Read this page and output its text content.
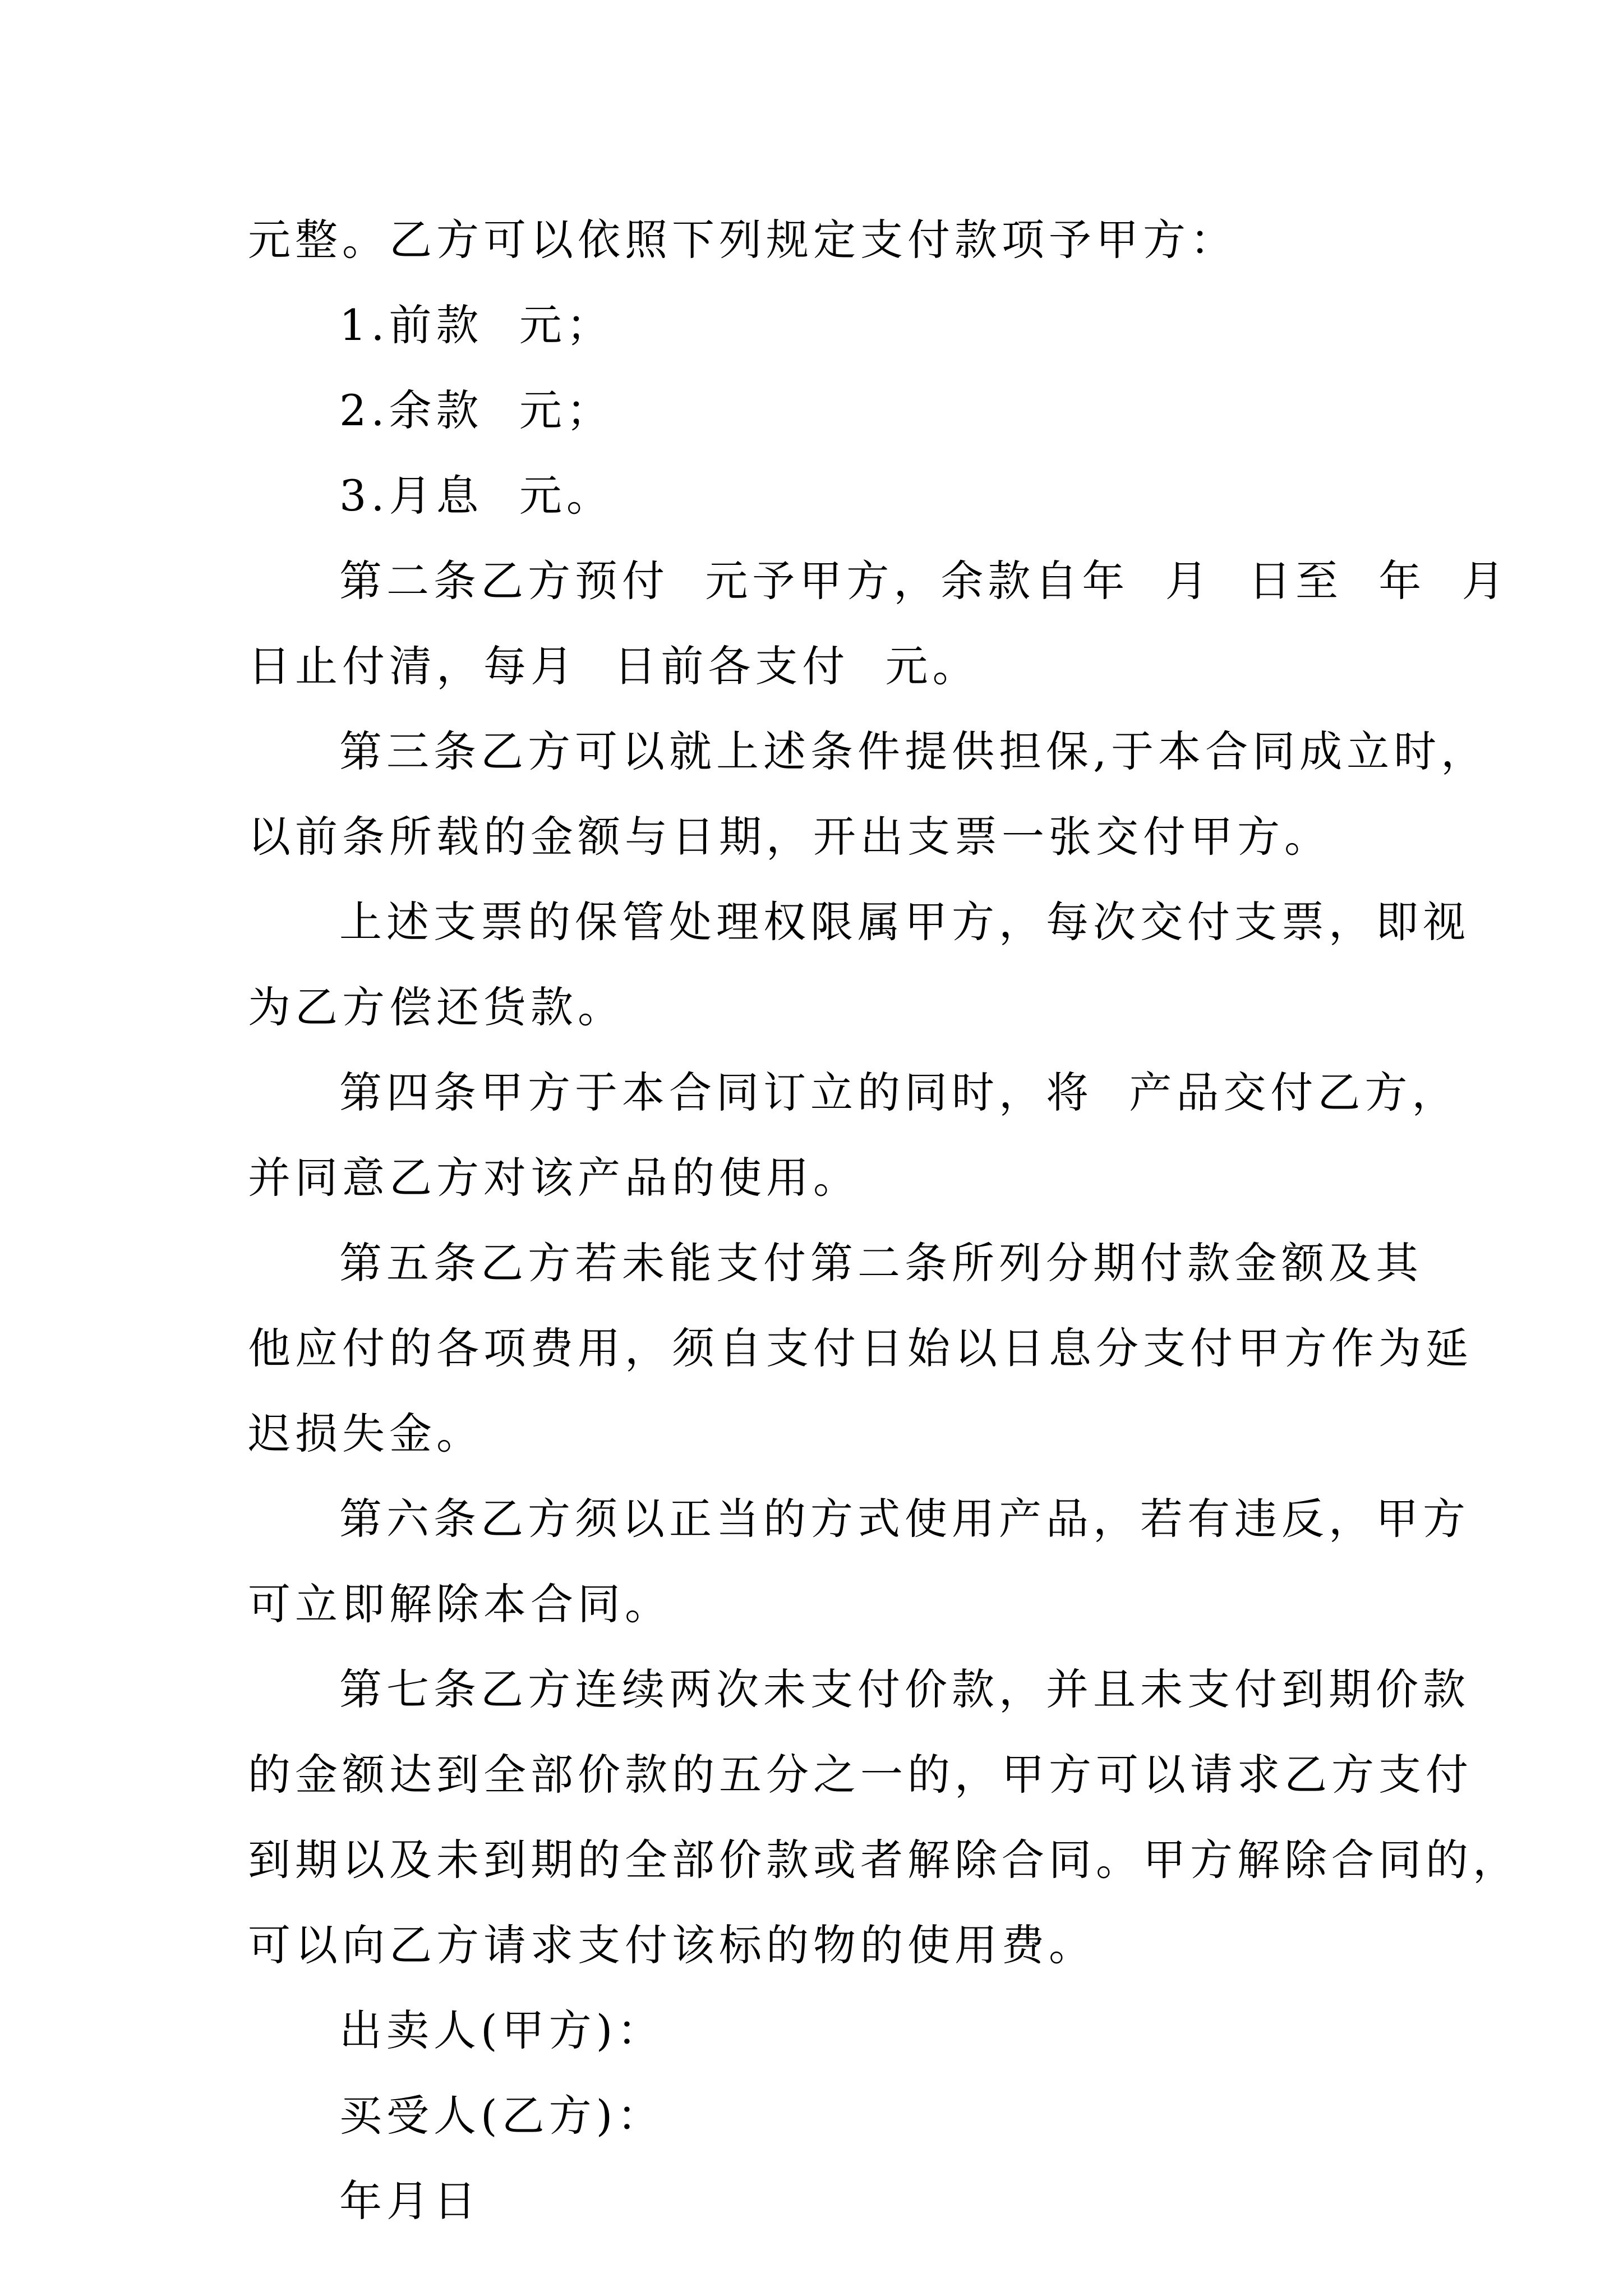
元整。乙方可以依照下列规定支付款项予甲方：
1.前款  元；
2.余款  元；
3.月息  元。
第二条乙方预付  元予甲方，余款自年  月  日至  年  月
日止付清，每月  日前各支付  元。
第三条乙方可以就上述条件提供担保,于本合同成立时，
以前条所载的金额与日期，开出支票一张交付甲方。
上述支票的保管处理权限属甲方，每次交付支票，即视
为乙方偿还货款。
第四条甲方于本合同订立的同时，将  产品交付乙方，
并同意乙方对该产品的使用。
第五条乙方若未能支付第二条所列分期付款金额及其
他应付的各项费用，须自支付日始以日息分支付甲方作为延
迟损失金。
第六条乙方须以正当的方式使用产品，若有违反，甲方
可立即解除本合同。
第七条乙方连续两次未支付价款，并且未支付到期价款
的金额达到全部价款的五分之一的，甲方可以请求乙方支付
到期以及未到期的全部价款或者解除合同。甲方解除合同的，
可以向乙方请求支付该标的物的使用费。
出卖人(甲方)：
买受人(乙方)：
年月日
